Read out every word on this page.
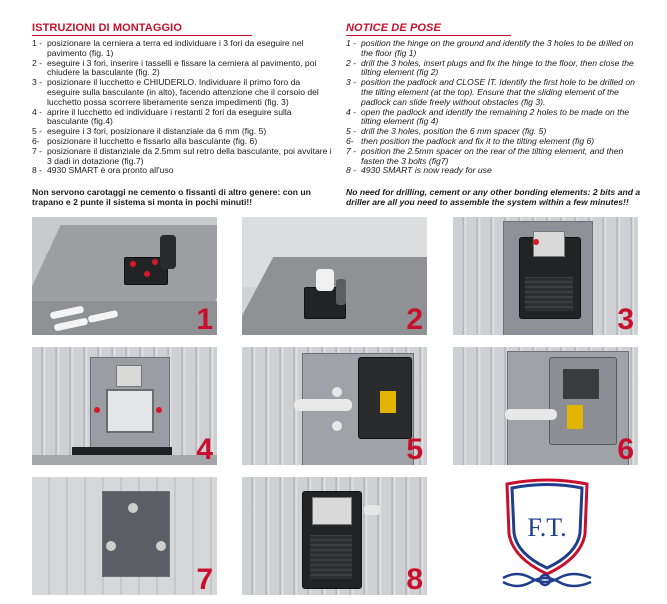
ISTRUZIONI DI MONTAGGIO
1 - posizionare la cerniera a terra ed individuare i 3 fori da eseguire nel pavimento (fig. 1)
2 - eseguire i 3 fori, inserire i tasselli e fissare la cerniera al pavimento, poi chiudere la basculante (fig. 2)
3 - posizionare il lucchetto e CHIUDERLO. Individuare il primo foro da eseguire sulla basculante (in alto), facendo attenzione che il corsoio del lucchetto possa scorrere liberamente senza impedimenti (fig. 3)
4 - aprire il lucchetto ed individuare i restanti 2 fori da eseguire sulla basculante (fig.4)
5 - eseguire i 3 fori, posizionare il distanziale da 6 mm (fig. 5)
6- posizionare il lucchetto e fissarlo alla basculante (fig. 6)
7 - posizionare il distanziale da 2.5mm sul retro della basculante, poi avvitare i 3 dadi in dotazione (fig.7)
8 - 4930 SMART è ora pronto all'uso
NOTICE DE POSE
1 - position the hinge on the ground and identify the 3 holes to be drilled on the floor (fig 1)
2 - drill the 3 holes, insert plugs and fix the hinge to the floor, then close the tilting element (fig 2)
3 - position the padlock and CLOSE IT. Identify the first hole to be drilled on the tilting element (at the top). Ensure that the sliding element of the padlock can slide freely without obstacles (fig 3).
4 - open the padlock and identify the remaining 2 holes to be made on the tilting element (fig 4)
5 - drill the 3 holes, position the 6 mm spacer (fig. 5)
6- then position the padlock and fix it to the tilting element (fig 6)
7 - position the 2.5mm spacer on the rear of the tilting element, and then fasten the 3 bolts (fig7)
8 - 4930 SMART is now ready for use
Non servono carotaggi ne cemento o fissanti di altro genere: con un trapano e 2 punte il sistema si monta in pochi minuti!!
No need for drilling, cement or any other bonding elements: 2 bits and a driller are all you need to assemble the system within a few minutes!!
1	2	3
4	5	6
7	8
F.T.
